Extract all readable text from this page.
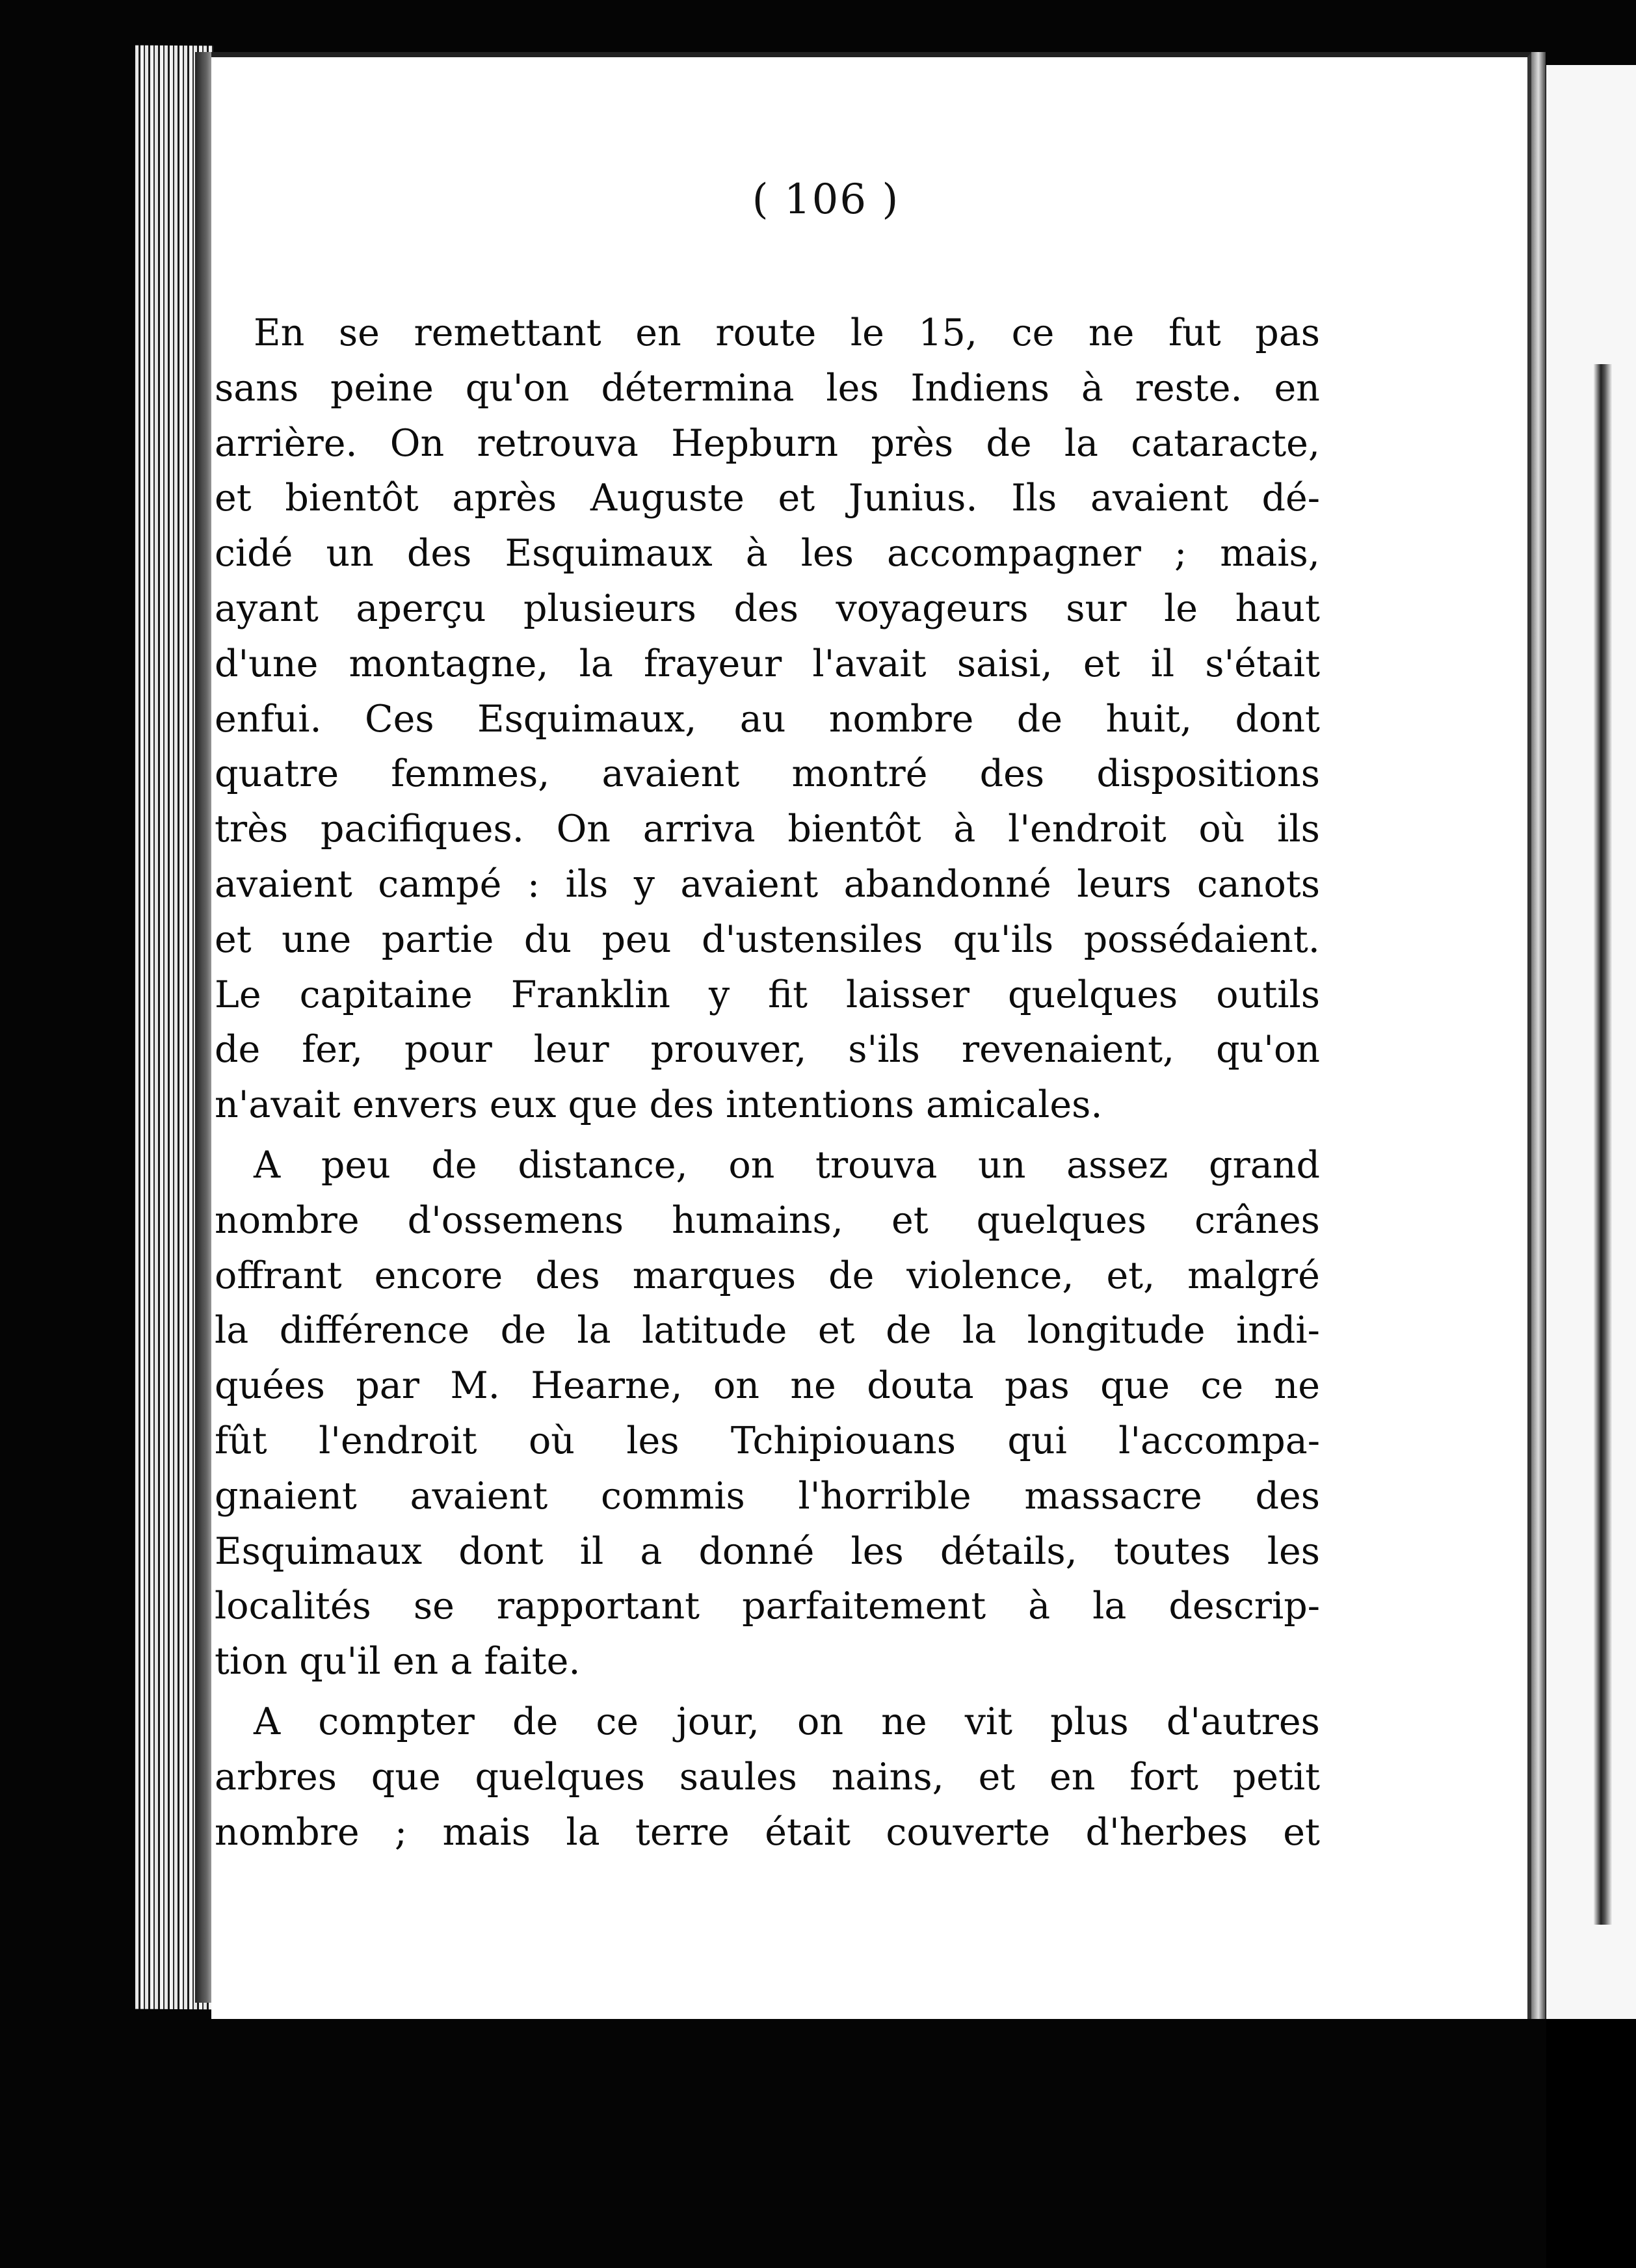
( 106 )
En se remettant en route le 15, ce ne fut pas
sans peine qu'on détermina les Indiens à reste. en
arrière. On retrouva Hepburn près de la cataracte,
et bientôt après Auguste et Junius. Ils avaient dé-
cidé un des Esquimaux à les accompagner ; mais,
ayant aperçu plusieurs des voyageurs sur le haut
d'une montagne, la frayeur l'avait saisi, et il s'était
enfui. Ces Esquimaux, au nombre de huit, dont
quatre femmes, avaient montré des dispositions
très pacifiques. On arriva bientôt à l'endroit où ils
avaient campé : ils y avaient abandonné leurs canots
et une partie du peu d'ustensiles qu'ils possédaient.
Le capitaine Franklin y fit laisser quelques outils
de fer, pour leur prouver, s'ils revenaient, qu'on
n'avait envers eux que des intentions amicales.
A peu de distance, on trouva un assez grand
nombre d'ossemens humains, et quelques crânes
offrant encore des marques de violence, et, malgré
la différence de la latitude et de la longitude indi-
quées par M. Hearne, on ne douta pas que ce ne
fût l'endroit où les Tchipiouans qui l'accompa-
gnaient avaient commis l'horrible massacre des
Esquimaux dont il a donné les détails, toutes les
localités se rapportant parfaitement à la descrip-
tion qu'il en a faite.
A compter de ce jour, on ne vit plus d'autres
arbres que quelques saules nains, et en fort petit
nombre ; mais la terre était couverte d'herbes et
